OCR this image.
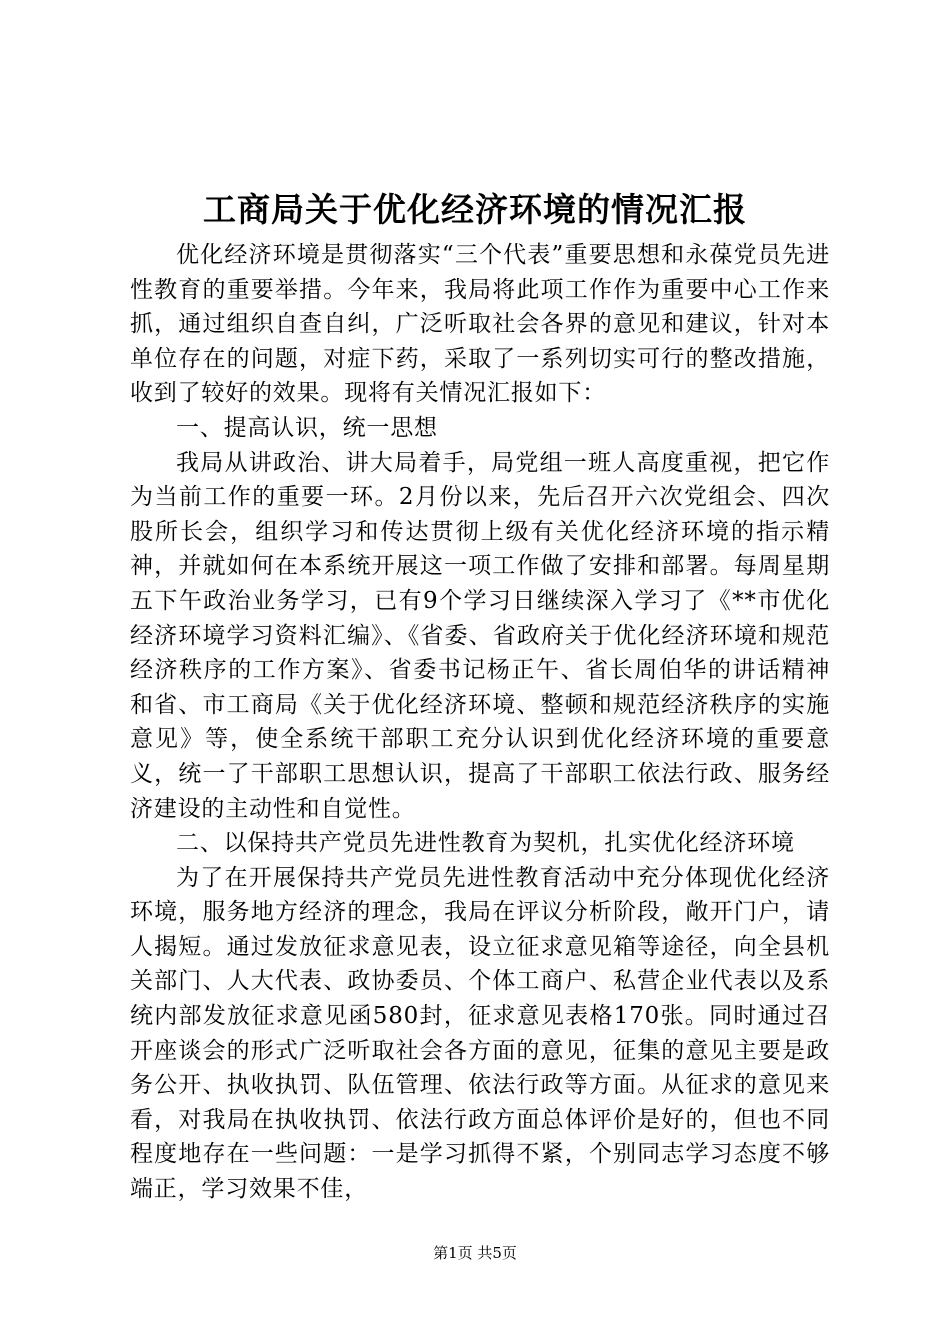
工商局关于优化经济环境的情况汇报

优化经济环境是贯彻落实“三个代表”重要思想和永葆党员先进性教育的重要举措。今年来，我局将此项工作作为重要中心工作来抓，通过组织自查自纠，广泛听取社会各界的意见和建议，针对本单位存在的问题，对症下药，采取了一系列切实可行的整改措施，收到了较好的效果。现将有关情况汇报如下：

一、提高认识，统一思想

我局从讲政治、讲大局着手，局党组一班人高度重视，把它作为当前工作的重要一环。2月份以来，先后召开六次党组会、四次股所长会，组织学习和传达贯彻上级有关优化经济环境的指示精神，并就如何在本系统开展这一项工作做了安排和部署。每周星期五下午政治业务学习，已有9个学习日继续深入学习了《**市优化经济环境学习资料汇编》、《省委、省政府关于优化经济环境和规范经济秩序的工作方案》、省委书记杨正午、省长周伯华的讲话精神和省、市工商局《关于优化经济环境、整顿和规范经济秩序的实施意见》等，使全系统干部职工充分认识到优化经济环境的重要意义，统一了干部职工思想认识，提高了干部职工依法行政、服务经济建设的主动性和自觉性。

二、以保持共产党员先进性教育为契机，扎实优化经济环境

为了在开展保持共产党员先进性教育活动中充分体现优化经济环境，服务地方经济的理念，我局在评议分析阶段，敞开门户，请人揭短。通过发放征求意见表，设立征求意见箱等途径，向全县机关部门、人大代表、政协委员、个体工商户、私营企业代表以及系统内部发放征求意见函580封，征求意见表格170张。同时通过召开座谈会的形式广泛听取社会各方面的意见，征集的意见主要是政务公开、执收执罚、队伍管理、依法行政等方面。从征求的意见来看，对我局在执收执罚、依法行政方面总体评价是好的，但也不同程度地存在一些问题：一是学习抓得不紧，个别同志学习态度不够端正，学习效果不佳，

第1页 共5页
